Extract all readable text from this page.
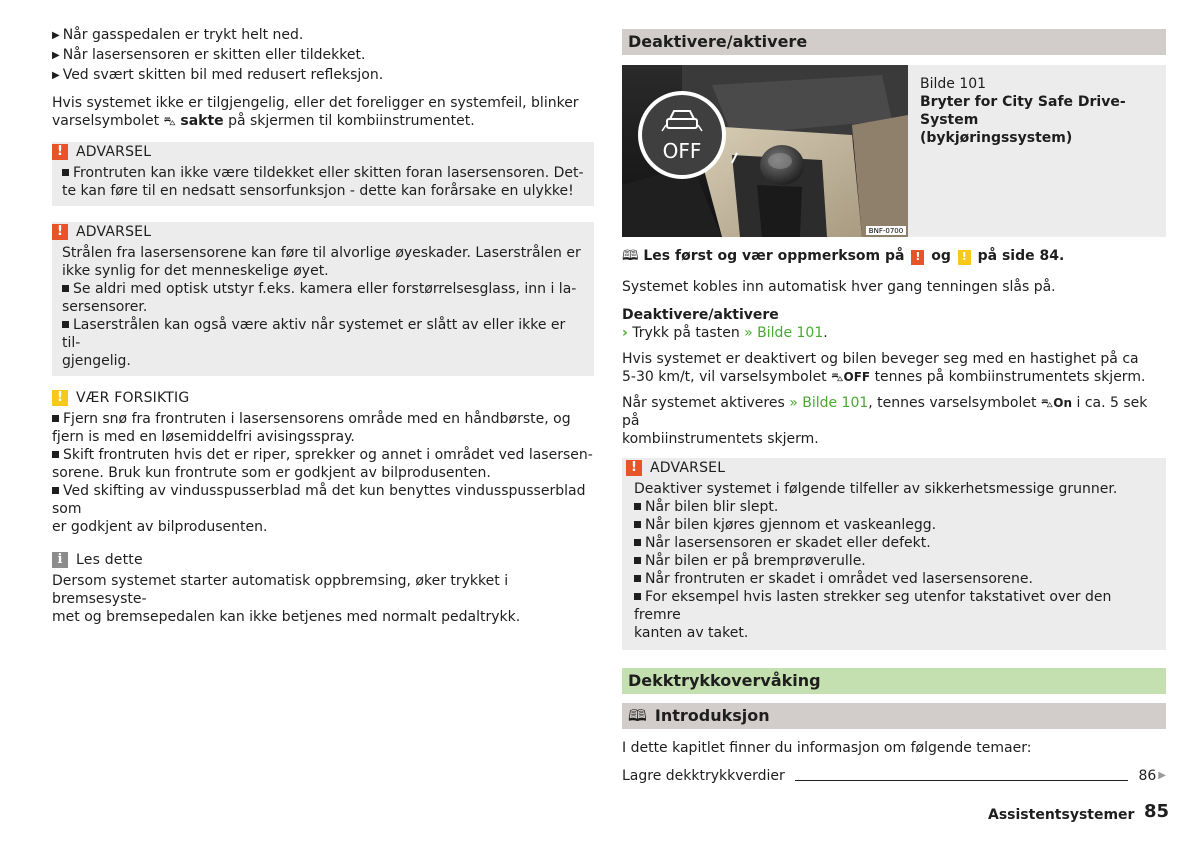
▶ Når gasspedalen er trykt helt ned.
▶ Når lasersensoren er skitten eller tildekket.
▶ Ved svært skitten bil med redusert refleksjon.

Hvis systemet ikke er tilgjengelig, eller det foreligger en systemfeil, blinker varselsymbolet ⛍ sakte på skjermen til kombiinstrumentet.

! ADVARSEL

Frontruten kan ikke være tildekket eller skitten foran lasersensoren. Det-

te kan føre til en nedsatt sensorfunksjon - dette kan forårsake en ulykke!

! ADVARSEL

Strålen fra lasersensorene kan føre til alvorlige øyeskader. Laserstrålen er

ikke synlig for det menneskelige øyet.

Se aldri med optisk utstyr f.eks. kamera eller forstørrelsesglass, inn i la-

sersensorer.

Laserstrålen kan også være aktiv når systemet er slått av eller ikke er til-

gjengelig.

! VÆR FORSIKTIG

Fjern snø fra frontruten i lasersensorens område med en håndbørste, og

fjern is med en løsemiddelfri avisingsspray.

Skift frontruten hvis det er riper, sprekker og annet i området ved lasersen-

sorene. Bruk kun frontrute som er godkjent av bilprodusenten.

Ved skifting av vindusspusserblad må det kun benyttes vindusspusserblad som

er godkjent av bilprodusenten.

i Les dette

Dersom systemet starter automatisk oppbremsing, øker trykket i bremsesyste-

met og bremsepedalen kan ikke betjenes med normalt pedaltrykk.

Deaktivere/aktivere
OFF
BNF-0700

Bilde 101

Bryter for City Safe Drive-System

(bykjøringssystem)

🕮 Les først og vær oppmerksom på ! og ! på side 84.

Systemet kobles inn automatisk hver gang tenningen slås på.

Deaktivere/aktivere

› Trykk på tasten » Bilde 101.

Hvis systemet er deaktivert og bilen beveger seg med en hastighet på ca
5-30 km/t, vil varselsymbolet ⛍OFF tennes på kombiinstrumentets skjerm.

Når systemet aktiveres » Bilde 101, tennes varselsymbolet ⛍On i ca. 5 sek på
kombiinstrumentets skjerm.

! ADVARSEL

Deaktiver systemet i følgende tilfeller av sikkerhetsmessige grunner.

Når bilen blir slept.

Når bilen kjøres gjennom et vaskeanlegg.

Når lasersensoren er skadet eller defekt.

Når bilen er på bremprøverulle.

Når frontruten er skadet i området ved lasersensorene.

For eksempel hvis lasten strekker seg utenfor takstativet over den fremre

kanten av taket.

Dekktrykkovervåking
🕮 Introduksjon

I dette kapitlet finner du informasjon om følgende temaer:

Lagre dekktrykkverdier	86 ▶
Assistentsystemer 85
